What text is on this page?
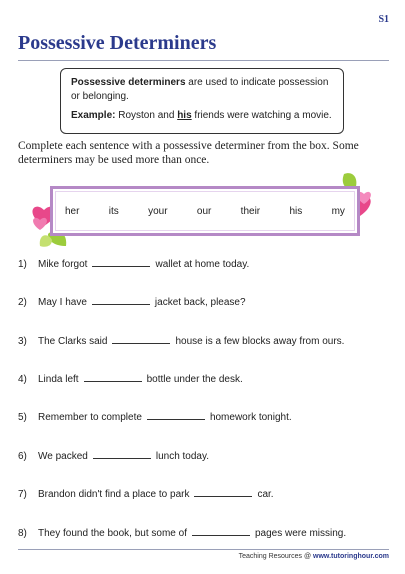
S1
Possessive Determiners

Possessive determiners are used to indicate possession or belonging.

Example: Royston and his friends were watching a movie.

Complete each sentence with a possessive determiner from the box. Some determiners may be used more than once.
her	its	your	our	their	his	my
1)	Mike forgot	wallet at home today.
2)	May I have	jacket back, please?
3)	The Clarks said	house is a few blocks away from ours.
4)	Linda left	bottle under the desk.
5)	Remember to complete	homework tonight.
6)	We packed	lunch today.
7)	Brandon didn't find a place to park	car.
8)	They found the book, but some of	pages were missing.
Teaching Resources @ www.tutoringhour.com
